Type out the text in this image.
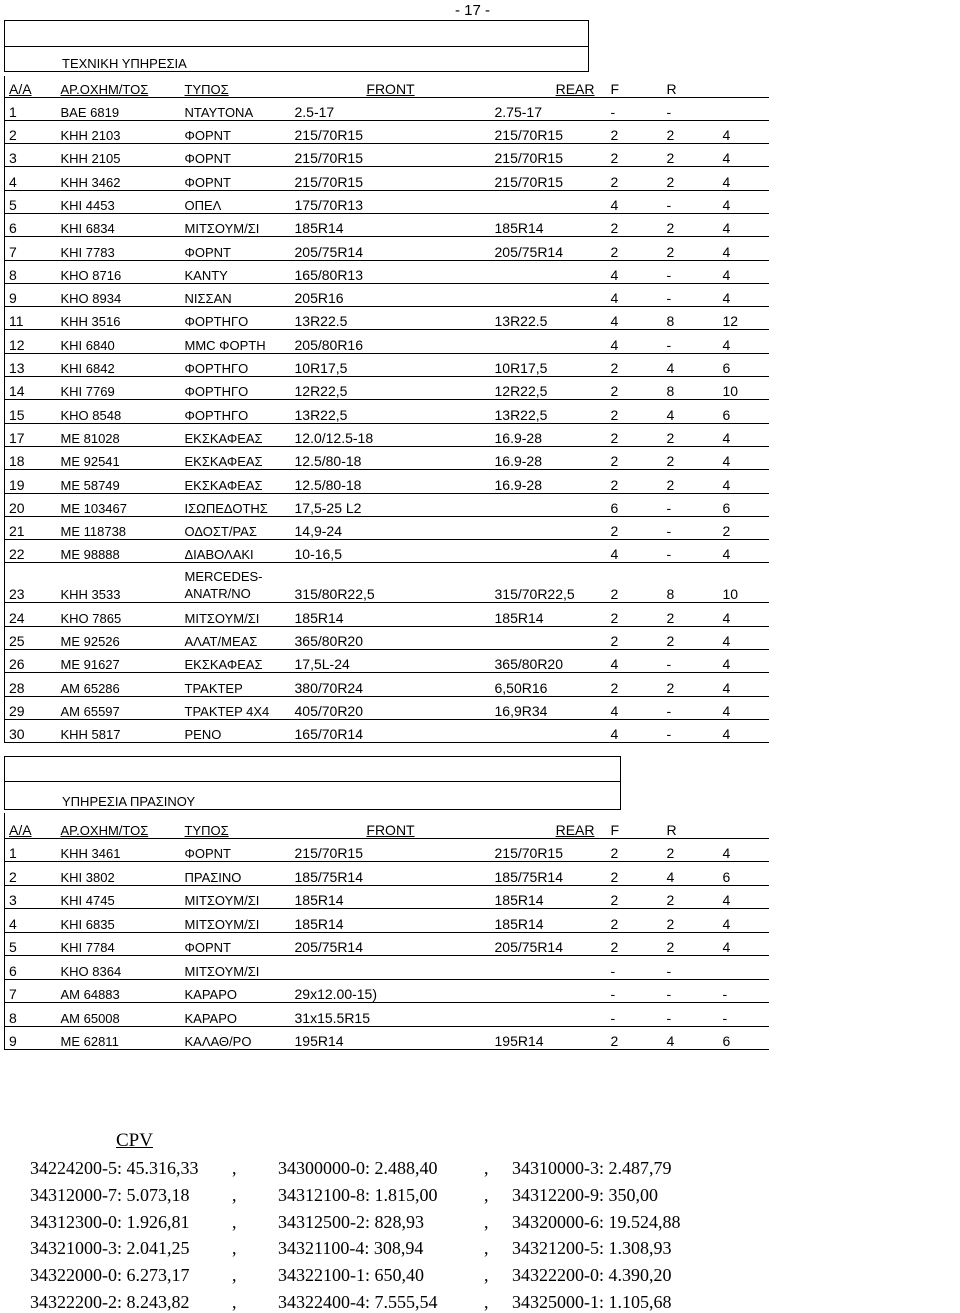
- 17 -
ΤΕΧΝΙΚΗ ΥΠΗΡΕΣΙΑ
Α/Α	ΑΡ.ΟΧΗΜ/ΤΟΣ	ΤΥΠΟΣ	FRONT	REAR	F	R	
1	ΒΑΕ 6819	ΝΤΑΥΤΟΝΑ	2.5-17	2.75-17	-	-	
2	ΚΗΗ 2103	ΦΟΡΝΤ	215/70R15	215/70R15	2	2	4
3	ΚΗΗ 2105	ΦΟΡΝΤ	215/70R15	215/70R15	2	2	4
4	ΚΗΗ 3462	ΦΟΡΝΤ	215/70R15	215/70R15	2	2	4
5	ΚΗΙ 4453	ΟΠΕΛ	175/70R13		4	-	4
6	ΚΗΙ 6834	ΜΙΤΣΟΥΜ/ΣΙ	185R14	185R14	2	2	4
7	ΚΗΙ 7783	ΦΟΡΝΤ	205/75R14	205/75R14	2	2	4
8	ΚΗΟ 8716	ΚΑΝΤΥ	165/80R13		4	-	4
9	ΚΗΟ 8934	ΝΙΣΣΑΝ	205R16		4	-	4
11	ΚΗΗ 3516	ΦΟΡΤΗΓΟ	13R22.5	13R22.5	4	8	12
12	ΚΗΙ 6840	ΜΜC ΦΟΡΤΗ	205/80R16		4	-	4
13	ΚΗΙ 6842	ΦΟΡΤΗΓΟ	10R17,5	10R17,5	2	4	6
14	ΚΗΙ 7769	ΦΟΡΤΗΓΟ	12R22,5	12R22,5	2	8	10
15	ΚΗΟ 8548	ΦΟΡΤΗΓΟ	13R22,5	13R22,5	2	4	6
17	ΜΕ 81028	ΕΚΣΚΑΦΕΑΣ	12.0/12.5-18	16.9-28	2	2	4
18	ΜΕ 92541	ΕΚΣΚΑΦΕΑΣ	12.5/80-18	16.9-28	2	2	4
19	ΜΕ 58749	ΕΚΣΚΑΦΕΑΣ	12.5/80-18	16.9-28	2	2	4
20	ΜΕ 103467	ΙΣΩΠΕΔΟΤΗΣ	17,5-25 L2		6	-	6
21	ΜΕ 118738	ΟΔΟΣΤ/ΡΑΣ	14,9-24		2	-	2
22	ΜΕ 98888	ΔΙΑΒΟΛΑΚΙ	10-16,5		4	-	4
23	ΚΗΗ 3533	MERCEDES-
ANATR/NO	315/80R22,5	315/70R22,5	2	8	10
24	ΚΗΟ 7865	ΜΙΤΣΟΥΜ/ΣΙ	185R14	185R14	2	2	4
25	ΜΕ 92526	ΑΛΑΤ/ΜΕΑΣ	365/80R20		2	2	4
26	ΜΕ 91627	ΕΚΣΚΑΦΕΑΣ	17,5L-24	365/80R20	4	-	4
28	ΑΜ 65286	ΤΡΑΚΤΕΡ	380/70R24	6,50R16	2	2	4
29	ΑΜ 65597	ΤΡΑΚΤΕΡ 4Χ4	405/70R20	16,9R34	4	-	4
30	ΚΗΗ 5817	ΡΕΝΟ	165/70R14		4	-	4
ΥΠΗΡΕΣΙΑ ΠΡΑΣΙΝΟΥ
Α/Α	ΑΡ.ΟΧΗΜ/ΤΟΣ	ΤΥΠΟΣ	FRONT	REAR	F	R	
1	ΚΗΗ 3461	ΦΟΡΝΤ	215/70R15	215/70R15	2	2	4
2	ΚΗΙ 3802	ΠΡΑΣΙΝΟ	185/75R14	185/75R14	2	4	6
3	ΚΗΙ 4745	ΜΙΤΣΟΥΜ/ΣΙ	185R14	185R14	2	2	4
4	ΚΗΙ 6835	ΜΙΤΣΟΥΜ/ΣΙ	185R14	185R14	2	2	4
5	ΚΗΙ 7784	ΦΟΡΝΤ	205/75R14	205/75R14	2	2	4
6	ΚΗΟ 8364	ΜΙΤΣΟΥΜ/ΣΙ			-	-	
7	ΑΜ 64883	ΚΑΡΑΡΟ	29x12.00-15)		-	-	-
8	ΑΜ 65008	ΚΑΡΑΡΟ	31x15.5R15		-	-	-
9	ΜΕ 62811	ΚΑΛΑΘ/ΡΟ	195R14	195R14	2	4	6
CPV
34224200-5: 45.316,33	34300000-0: 2.488,40	34310000-3: 2.487,79
,	,
34312000-7: 5.073,18	34312100-8: 1.815,00	34312200-9: 350,00
,	,
34312300-0: 1.926,81	34312500-2: 828,93	34320000-6: 19.524,88
,	,
34321000-3: 2.041,25	34321100-4: 308,94	34321200-5: 1.308,93
,	,
34322000-0: 6.273,17	34322100-1: 650,40	34322200-0: 4.390,20
,	,
34322200-2: 8.243,82	34322400-4: 7.555,54	34325000-1: 1.105,68
,	,
